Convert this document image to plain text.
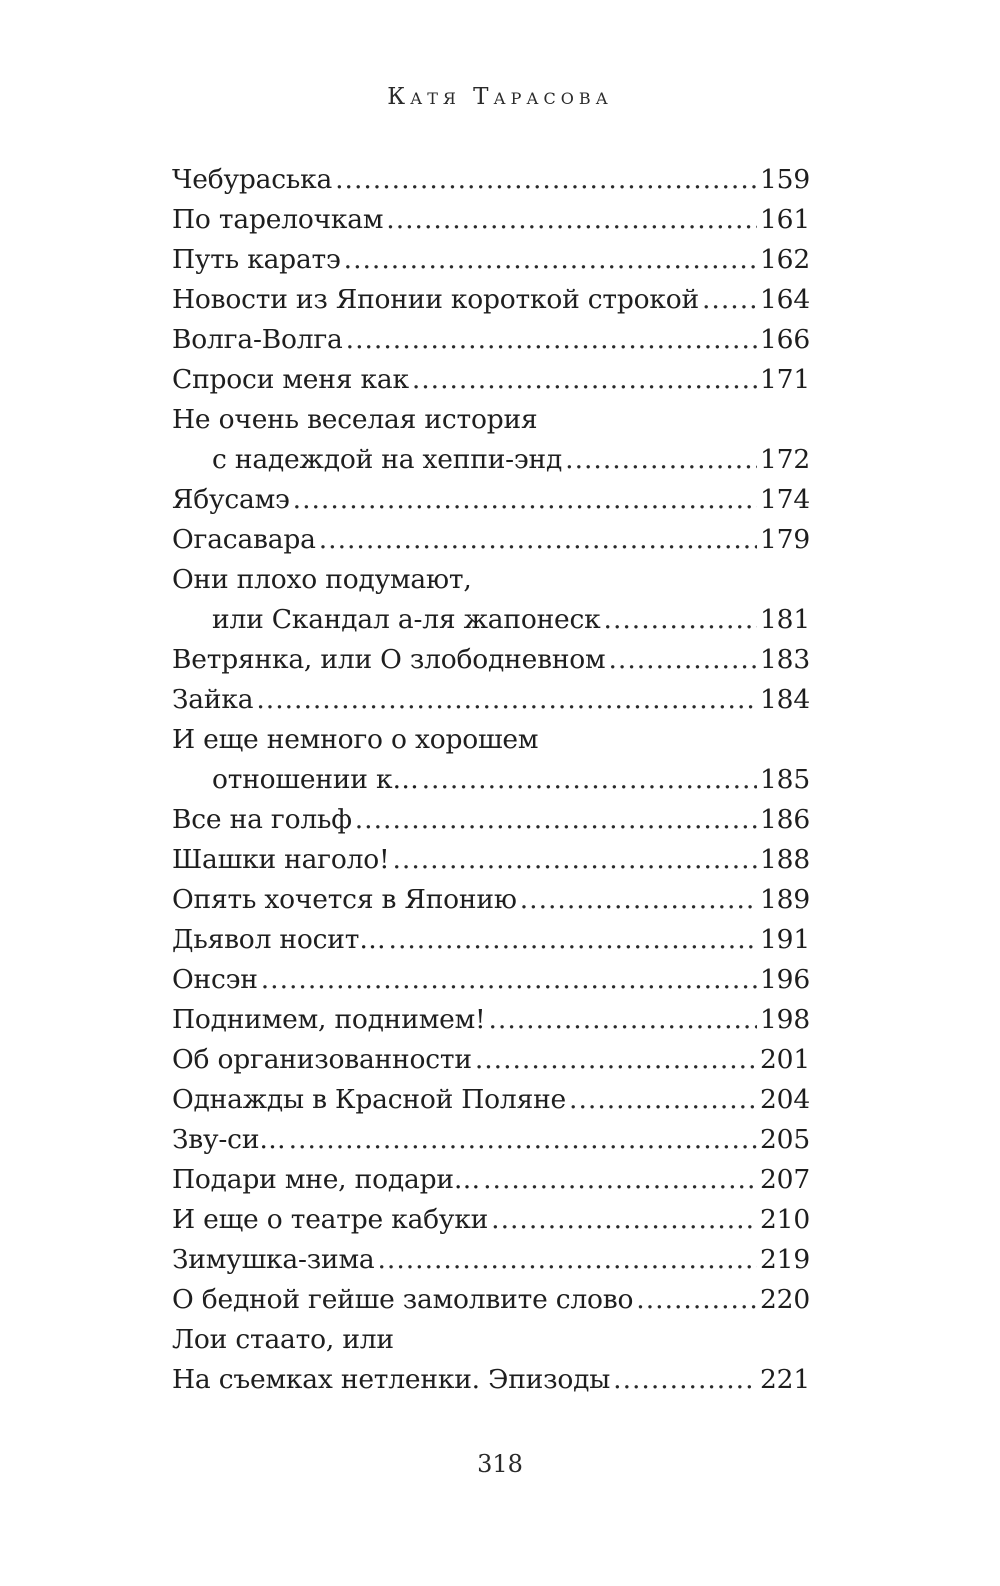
Катя Тарасова
Чебураська .....	159
По тарелочкам .....	161
Путь каратэ .....	162
Новости из Японии короткой строкой ..... 164
Волга-Волга .....	166
Спроси меня как .....	171
Не очень веселая история
с надеждой на хеппи-энд .....	172
Ябусамэ .....	174
Огасавара .....	179
Они плохо подумают,
или Скандал а-ля жапонеск .....	181
Ветрянка, или О злободневном .....	183
Зайка .....	184
И еще немного о хорошем
отношении к… .....	185
Все на гольф .....	186
Шашки наголо! .....	188
Опять хочется в Японию .....	189
Дьявол носит… .....	191
Онсэн .....	196
Поднимем, поднимем! .....	198
Об организованности .....	201
Однажды в Красной Поляне .....	204
Зву-си… .....	205
Подари мне, подари… .....	207
И еще о театре кабуки .....	210
Зимушка-зима .....	219
О бедной гейше замолвите слово .....	220
Лои стаато, или
На съемках нетленки. Эпизоды .....	221
318
